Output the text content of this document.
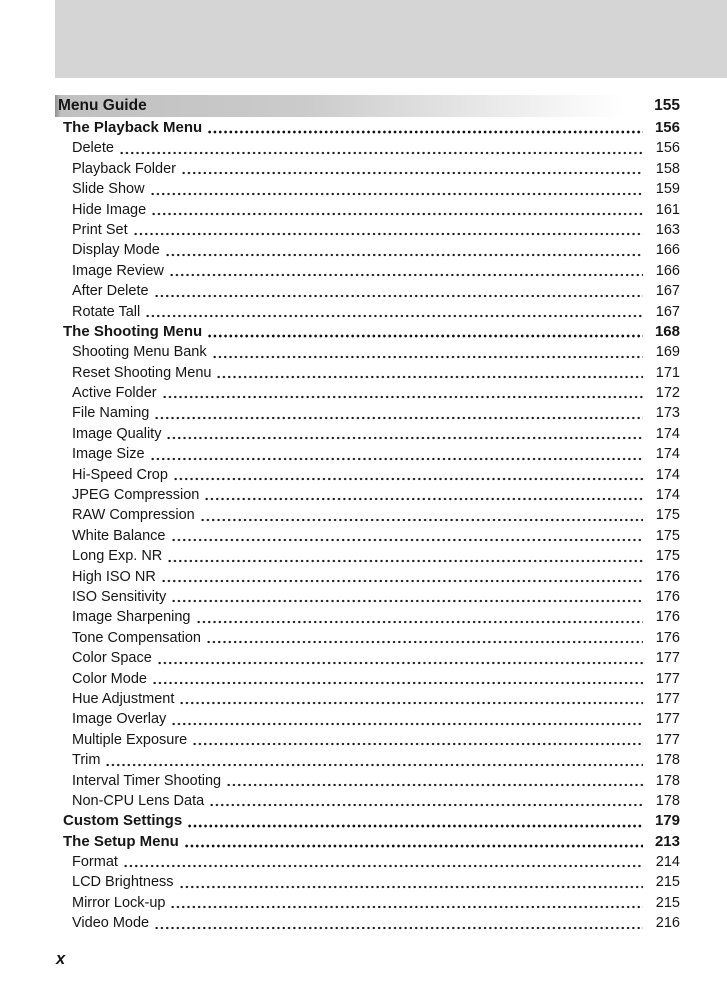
Menu Guide	155
The Playback Menu	156
Delete	156
Playback Folder	158
Slide Show	159
Hide Image	161
Print Set	163
Display Mode	166
Image Review	166
After Delete	167
Rotate Tall	167
The Shooting Menu	168
Shooting Menu Bank	169
Reset Shooting Menu	171
Active Folder	172
File Naming	173
Image Quality	174
Image Size	174
Hi-Speed Crop	174
JPEG Compression	174
RAW Compression	175
White Balance	175
Long Exp. NR	175
High ISO NR	176
ISO Sensitivity	176
Image Sharpening	176
Tone Compensation	176
Color Space	177
Color Mode	177
Hue Adjustment	177
Image Overlay	177
Multiple Exposure	177
Trim	178
Interval Timer Shooting	178
Non-CPU Lens Data	178
Custom Settings	179
The Setup Menu	213
Format	214
LCD Brightness	215
Mirror Lock-up	215
Video Mode	216
x
